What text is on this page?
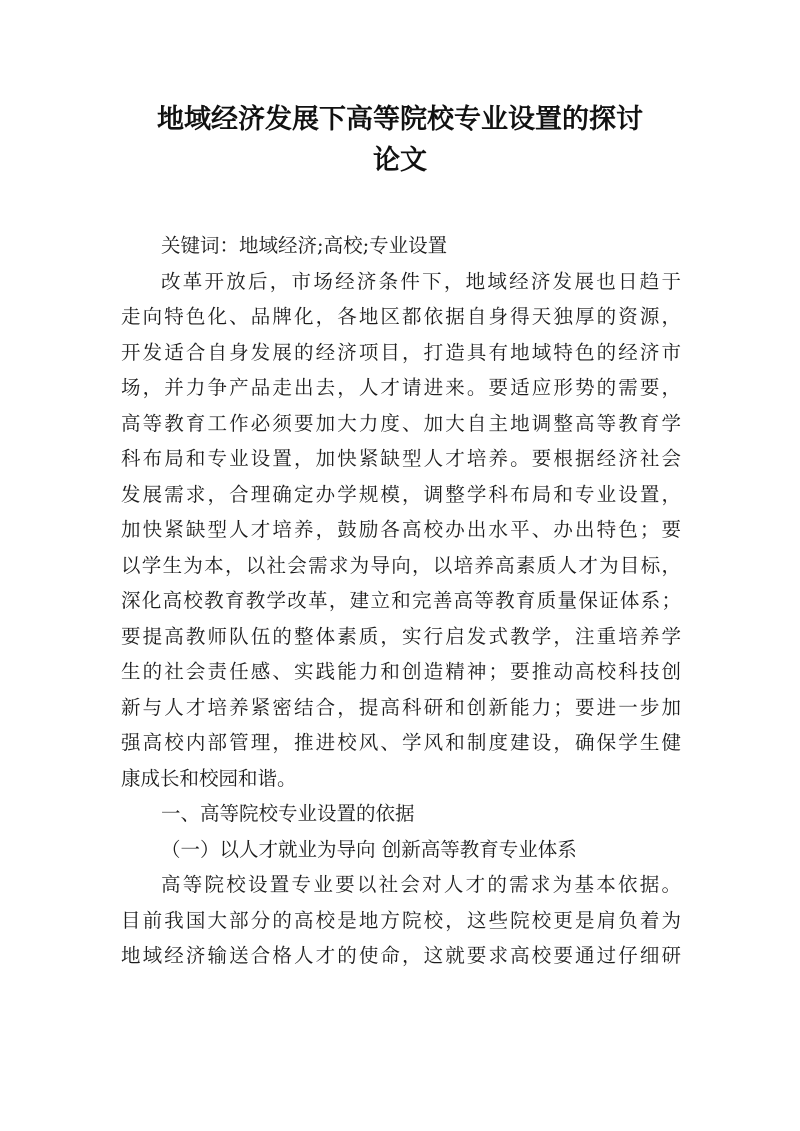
地域经济发展下高等院校专业设置的探讨
论文
关键词：地域经济;高校;专业设置
改革开放后，市场经济条件下，地域经济发展也日趋于
走向特色化、品牌化，各地区都依据自身得天独厚的资源，
开发适合自身发展的经济项目，打造具有地域特色的经济市
场，并力争产品走出去，人才请进来。要适应形势的需要，
高等教育工作必须要加大力度、加大自主地调整高等教育学
科布局和专业设置，加快紧缺型人才培养。要根据经济社会
发展需求，合理确定办学规模，调整学科布局和专业设置，
加快紧缺型人才培养，鼓励各高校办出水平、办出特色；要
以学生为本，以社会需求为导向，以培养高素质人才为目标，
深化高校教育教学改革，建立和完善高等教育质量保证体系；
要提高教师队伍的整体素质，实行启发式教学，注重培养学
生的社会责任感、实践能力和创造精神；要推动高校科技创
新与人才培养紧密结合，提高科研和创新能力；要进一步加
强高校内部管理，推进校风、学风和制度建设，确保学生健
康成长和校园和谐。
一、高等院校专业设置的依据
（一）以人才就业为导向 创新高等教育专业体系
高等院校设置专业要以社会对人才的需求为基本依据。
目前我国大部分的高校是地方院校，这些院校更是肩负着为
地域经济输送合格人才的使命，这就要求高校要通过仔细研
